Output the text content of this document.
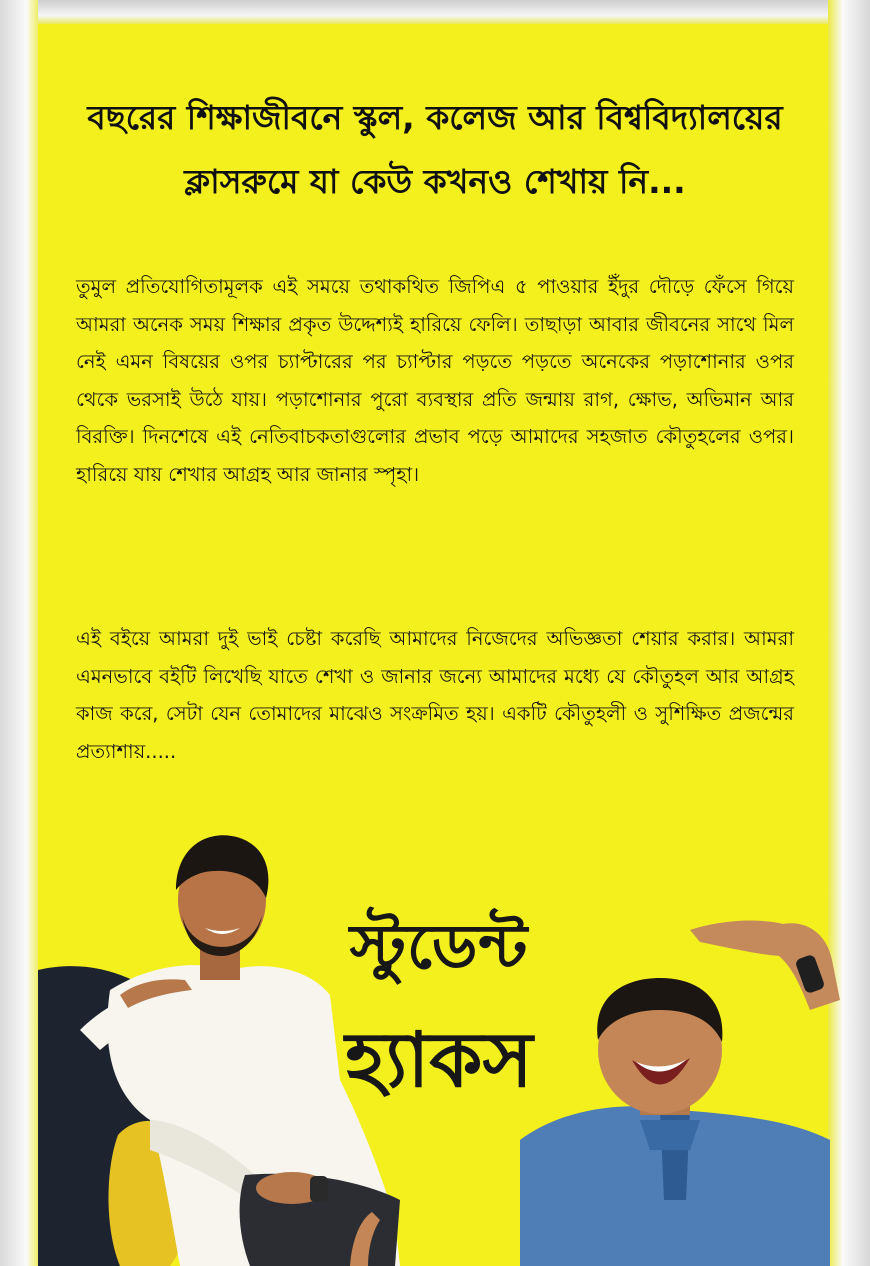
বছরের শিক্ষাজীবনে স্কুল, কলেজ আর বিশ্ববিদ্যালয়ের
ক্লাসরুমে যা কেউ কখনও শেখায় নি...
তুমুল প্রতিযোগিতামূলক এই সময়ে তথাকথিত জিপিএ ৫ পাওয়ার ইঁদুর দৌড়ে ফেঁসে গিয়ে আমরা অনেক সময় শিক্ষার প্রকৃত উদ্দেশ্যই হারিয়ে ফেলি। তাছাড়া আবার জীবনের সাথে মিল নেই এমন বিষয়ের ওপর চ্যাপ্টারের পর চ্যাপ্টার পড়তে পড়তে অনেকের পড়াশোনার ওপর থেকে ভরসাই উঠে যায়। পড়াশোনার পুরো ব্যবস্থার প্রতি জন্মায় রাগ, ক্ষোভ, অভিমান আর বিরক্তি। দিনশেষে এই নেতিবাচকতাগুলোর প্রভাব পড়ে আমাদের সহজাত কৌতুহলের ওপর। হারিয়ে যায় শেখার আগ্রহ আর জানার স্পৃহা।
এই বইয়ে আমরা দুই ভাই চেষ্টা করেছি আমাদের নিজেদের অভিজ্ঞতা শেয়ার করার। আমরা এমনভাবে বইটি লিখেছি যাতে শেখা ও জানার জন্যে আমাদের মধ্যে যে কৌতুহল আর আগ্রহ কাজ করে, সেটা যেন তোমাদের মাঝেও সংক্রমিত হয়। একটি কৌতুহলী ও সুশিক্ষিত প্রজন্মের প্রত্যাশায়.....
স্টুডেন্ট
হ্যাকস
